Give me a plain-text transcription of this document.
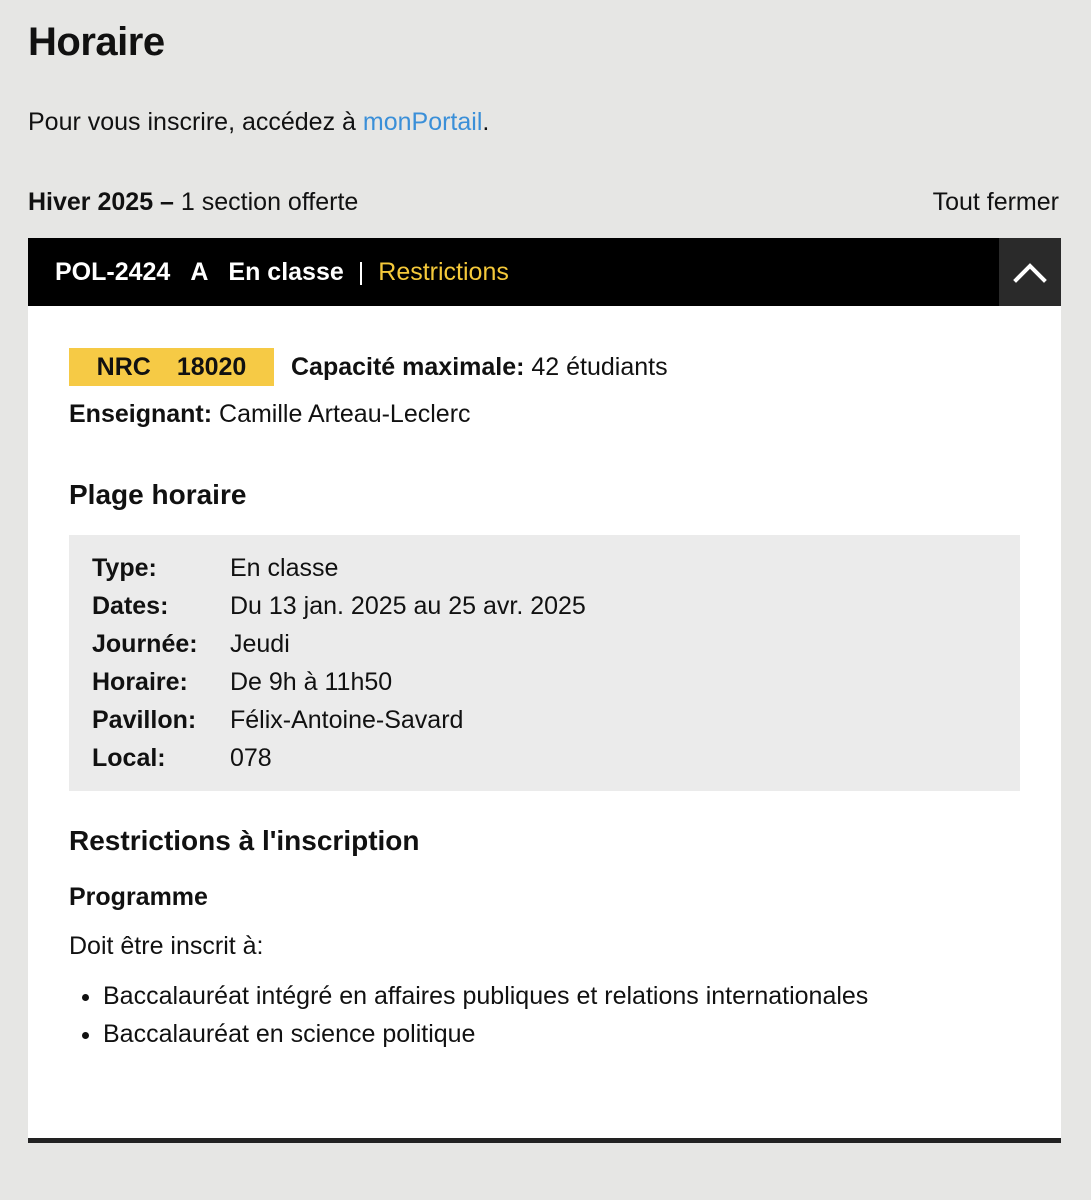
Horaire

Pour vous inscrire, accédez à monPortail.

Hiver 2025 – 1 section offerte	Tout fermer
POL-2424 A En classe | Restrictions
NRC 18020 Capacité maximale: 42 étudiants
Enseignant: Camille Arteau-Leclerc
Plage horaire
Type:	En classe
Dates:	Du 13 jan. 2025 au 25 avr. 2025
Journée:	Jeudi
Horaire:	De 9h à 11h50
Pavillon:	Félix-Antoine-Savard
Local:	078
Restrictions à l'inscription
Programme
Doit être inscrit à:
• Baccalauréat intégré en affaires publiques et relations internationales
• Baccalauréat en science politique
